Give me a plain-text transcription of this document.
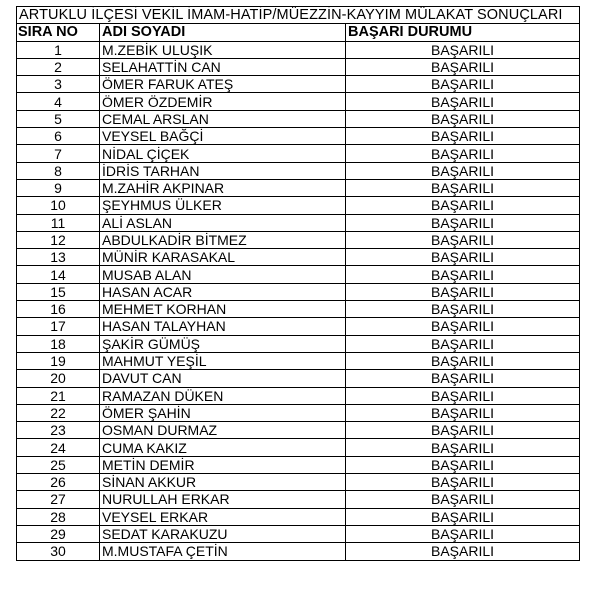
ARTUKLU İLÇESİ VEKİL İMAM-HATİP/MÜEZZİN-KAYYIM MÜLAKAT SONUÇLARI		
SIRA NO	ADI SOYADI	BAŞARI DURUMU
1	M.ZEBİK ULUŞIK	BAŞARILI
2	SELAHATTİN CAN	BAŞARILI
3	ÖMER FARUK ATEŞ	BAŞARILI
4	ÖMER ÖZDEMİR	BAŞARILI
5	CEMAL ARSLAN	BAŞARILI
6	VEYSEL BAĞÇİ	BAŞARILI
7	NİDAL ÇİÇEK	BAŞARILI
8	İDRİS TARHAN	BAŞARILI
9	M.ZAHİR AKPINAR	BAŞARILI
10	ŞEYHMUS ÜLKER	BAŞARILI
11	ALİ ASLAN	BAŞARILI
12	ABDULKADİR BİTMEZ	BAŞARILI
13	MÜNİR KARASAKAL	BAŞARILI
14	MUSAB ALAN	BAŞARILI
15	HASAN ACAR	BAŞARILI
16	MEHMET KORHAN	BAŞARILI
17	HASAN TALAYHAN	BAŞARILI
18	ŞAKİR GÜMÜŞ	BAŞARILI
19	MAHMUT YEŞİL	BAŞARILI
20	DAVUT CAN	BAŞARILI
21	RAMAZAN DÜKEN	BAŞARILI
22	ÖMER ŞAHİN	BAŞARILI
23	OSMAN DURMAZ	BAŞARILI
24	CUMA KAKIZ	BAŞARILI
25	METİN DEMİR	BAŞARILI
26	SİNAN AKKUR	BAŞARILI
27	NURULLAH ERKAR	BAŞARILI
28	VEYSEL ERKAR	BAŞARILI
29	SEDAT KARAKUZU	BAŞARILI
30	M.MUSTAFA ÇETİN	BAŞARILI
